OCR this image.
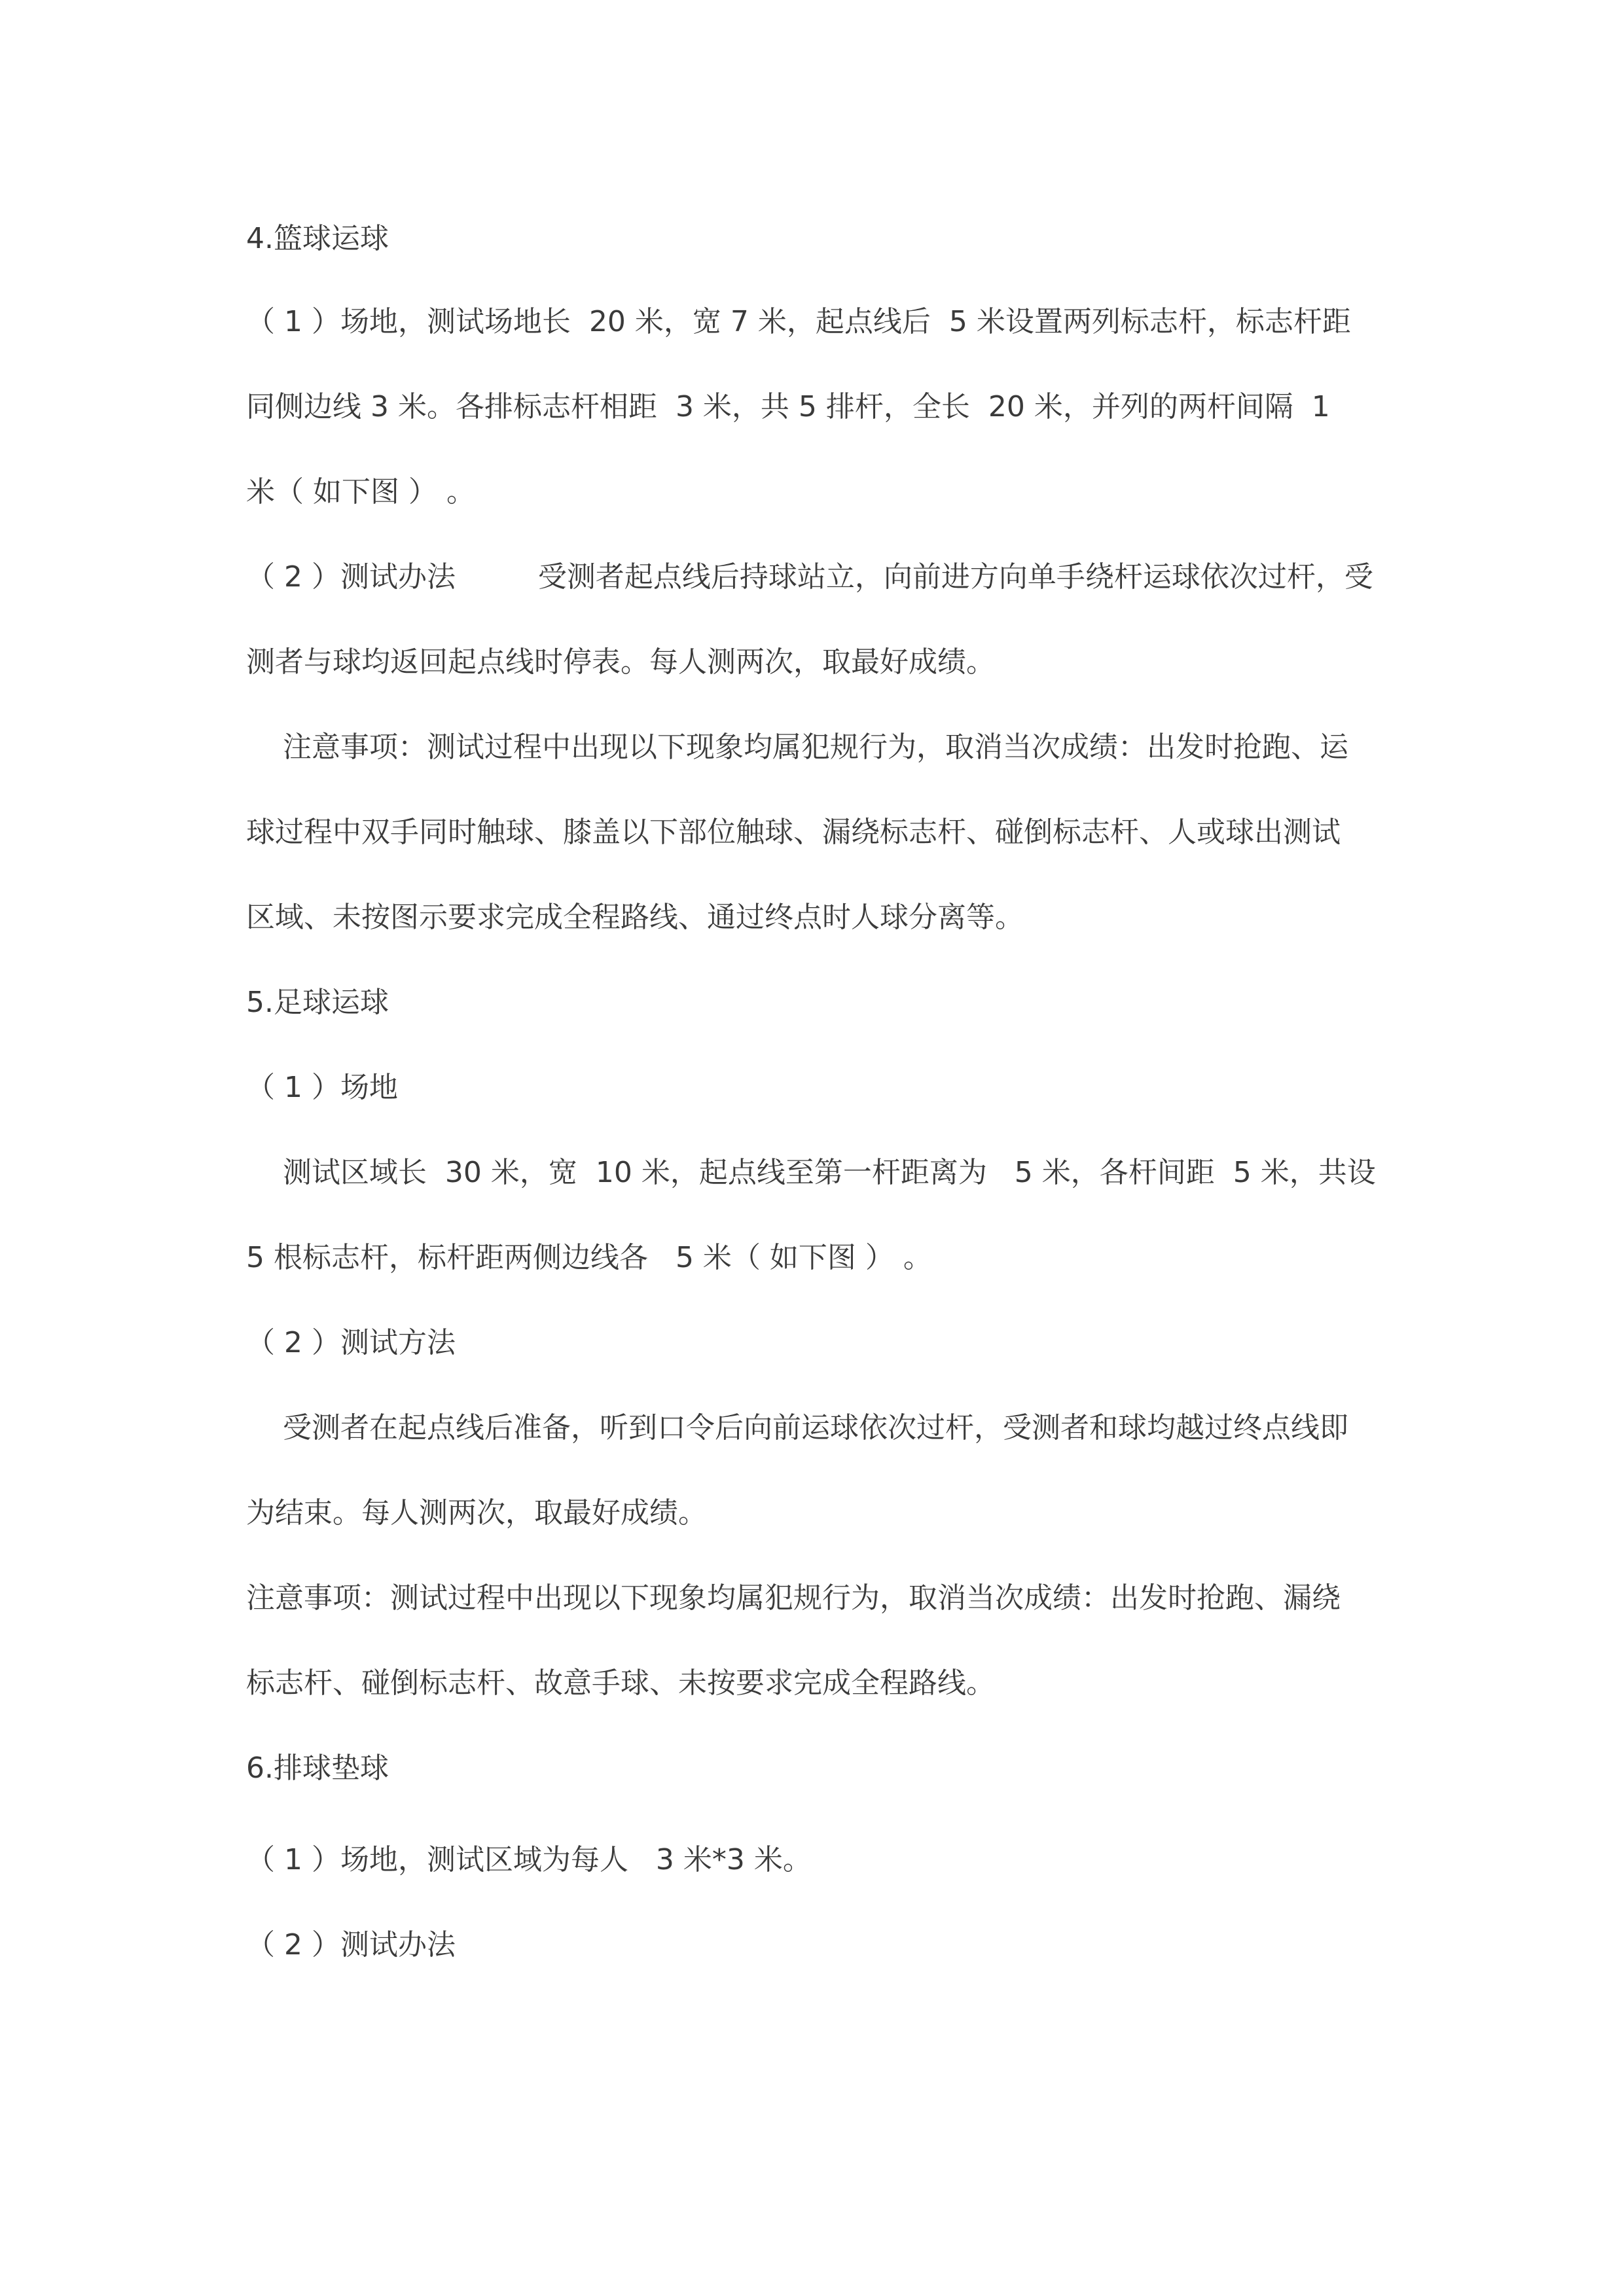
4.篮球运球
（ 1 ）场地，测试场地长  20 米，宽 7 米，起点线后  5 米设置两列标志杆，标志杆距
同侧边线 3 米。各排标志杆相距  3 米，共 5 排杆，全长  20 米，并列的两杆间隔  1
米（ 如下图 ） 。
（ 2 ）测试办法         受测者起点线后持球站立，向前进方向单手绕杆运球依次过杆，受
测者与球均返回起点线时停表。每人测两次，取最好成绩。
注意事项：测试过程中出现以下现象均属犯规行为，取消当次成绩：出发时抢跑、运
球过程中双手同时触球、膝盖以下部位触球、漏绕标志杆、碰倒标志杆、人或球出测试
区域、未按图示要求完成全程路线、通过终点时人球分离等。
5.足球运球
（ 1 ）场地
测试区域长  30 米，宽  10 米，起点线至第一杆距离为   5 米，各杆间距  5 米，共设
5 根标志杆，标杆距两侧边线各   5 米（ 如下图 ） 。
（ 2 ）测试方法
受测者在起点线后准备，听到口令后向前运球依次过杆，受测者和球均越过终点线即
为结束。每人测两次，取最好成绩。
注意事项：测试过程中出现以下现象均属犯规行为，取消当次成绩：出发时抢跑、漏绕
标志杆、碰倒标志杆、故意手球、未按要求完成全程路线。
6.排球垫球
（ 1 ）场地，测试区域为每人   3 米*3 米。
（ 2 ）测试办法
